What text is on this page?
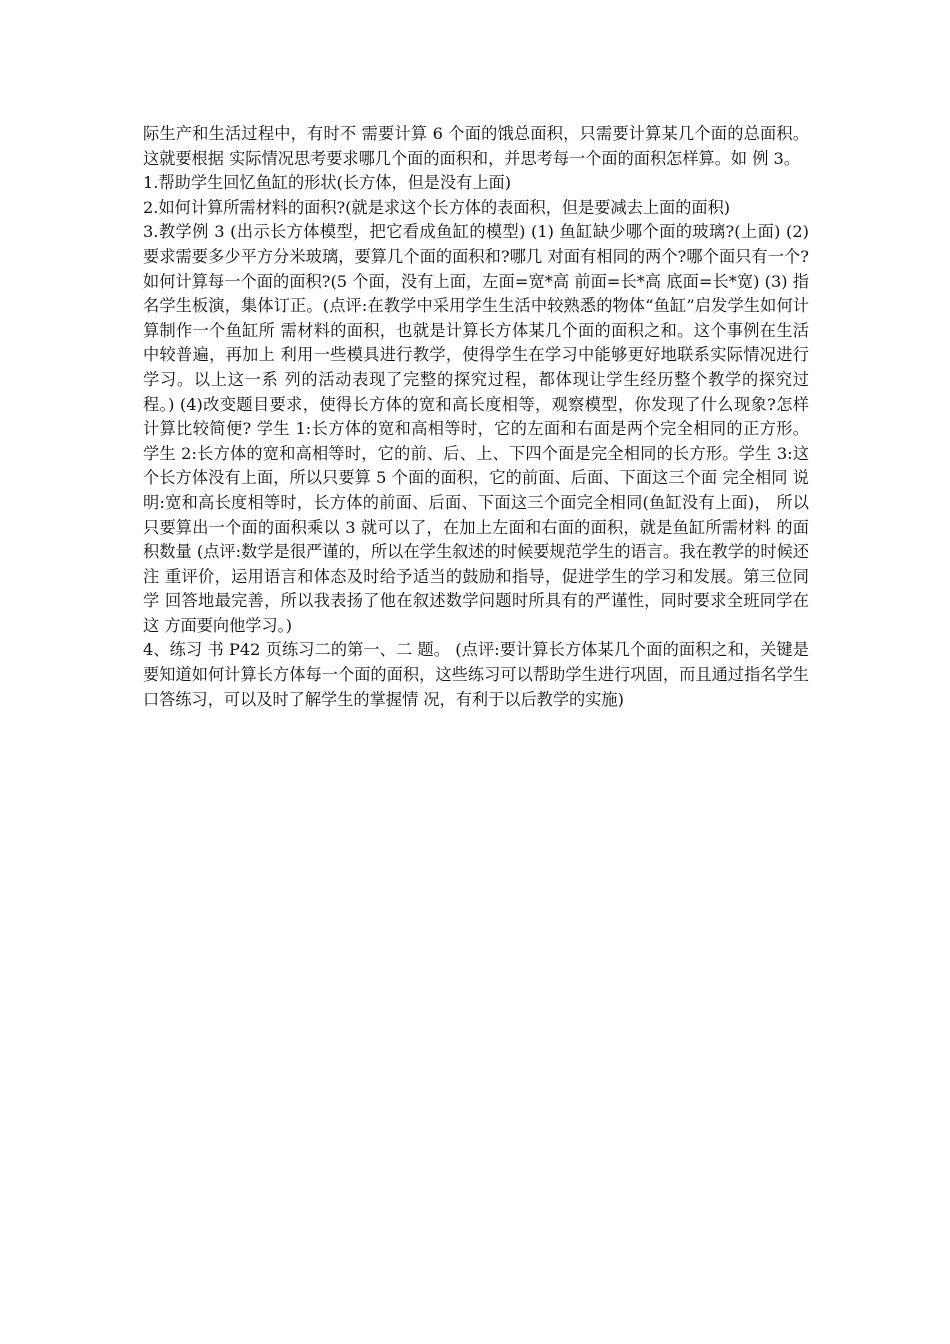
际生产和生活过程中，有时不 需要计算 6 个面的饿总面积，只需要计算某几个面的总面积。这就要根据 实际情况思考要求哪几个面的面积和，并思考每一个面的面积怎样算。如 例 3。

1.帮助学生回忆鱼缸的形状(长方体，但是没有上面)

2.如何计算所需材料的面积?(就是求这个长方体的表面积，但是要减去上面的面积)

3.教学例 3 (出示长方体模型，把它看成鱼缸的模型) (1) 鱼缸缺少哪个面的玻璃?(上面) (2) 要求需要多少平方分米玻璃，要算几个面的面积和?哪几 对面有相同的两个?哪个面只有一个?如何计算每一个面的面积?(5 个面，没有上面，左面=宽*高 前面=长*高 底面=长*宽) (3) 指名学生板演，集体订正。(点评:在教学中采用学生生活中较熟悉的物体“鱼缸”启发学生如何计算制作一个鱼缸所 需材料的面积，也就是计算长方体某几个面的面积之和。这个事例在生活中较普遍，再加上 利用一些模具进行教学，使得学生在学习中能够更好地联系实际情况进行学习。以上这一系 列的活动表现了完整的探究过程，都体现让学生经历整个教学的探究过程。) (4)改变题目要求，使得长方体的宽和高长度相等，观察模型，你发现了什么现象?怎样 计算比较简便? 学生 1:长方体的宽和高相等时，它的左面和右面是两个完全相同的正方形。学生 2:长方体的宽和高相等时，它的前、后、上、下四个面是完全相同的长方形。学生 3:这个长方体没有上面，所以只要算 5 个面的面积，它的前面、后面、下面这三个面 完全相同 说明:宽和高长度相等时，长方体的前面、后面、下面这三个面完全相同(鱼缸没有上面)， 所以只要算出一个面的面积乘以 3 就可以了，在加上左面和右面的面积，就是鱼缸所需材料 的面积数量 (点评:数学是很严谨的，所以在学生叙述的时候要规范学生的语言。我在教学的时候还注 重评价，运用语言和体态及时给予适当的鼓励和指导，促进学生的学习和发展。第三位同学 回答地最完善，所以我表扬了他在叙述数学问题时所具有的严谨性，同时要求全班同学在这 方面要向他学习。)

4、练习 书 P42 页练习二的第一、二 题。 (点评:要计算长方体某几个面的面积之和，关键是要知道如何计算长方体每一个面的面积，这些练习可以帮助学生进行巩固，而且通过指名学生口答练习，可以及时了解学生的掌握情 况，有利于以后教学的实施)
